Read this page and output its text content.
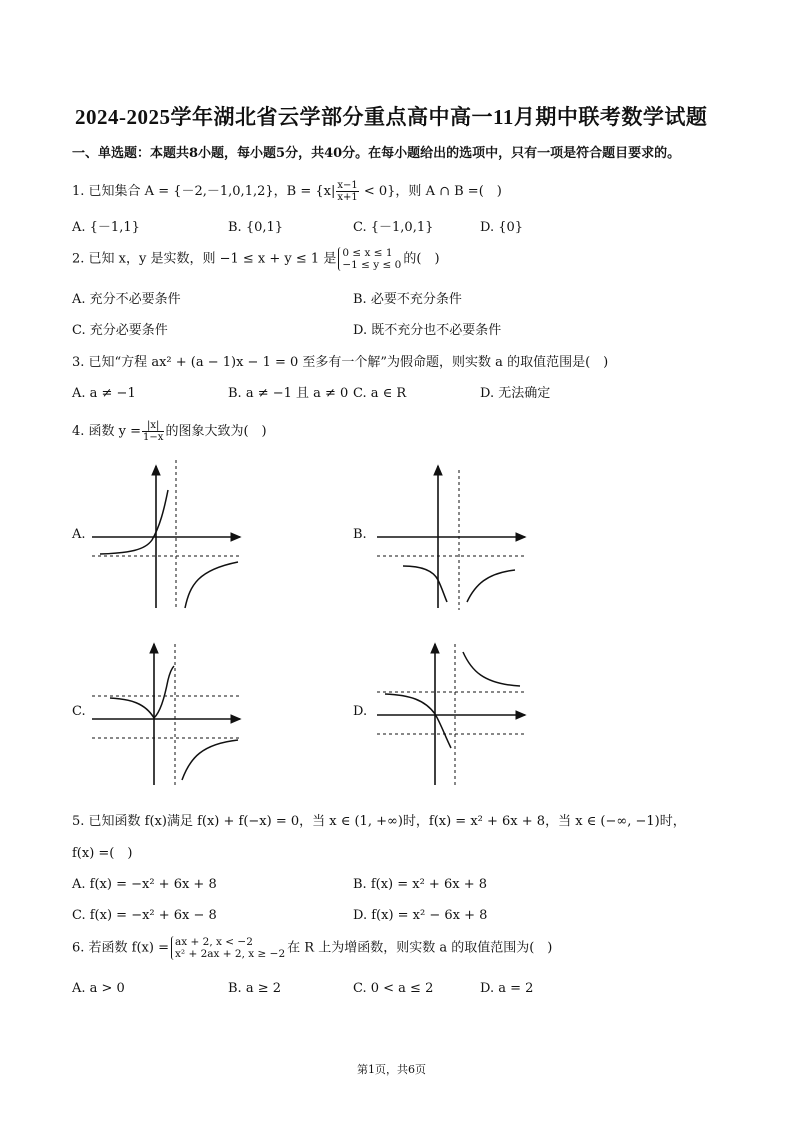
2024-2025学年湖北省云学部分重点高中高一11月期中联考数学试题
一、单选题：本题共8小题，每小题5分，共40分。在每小题给出的选项中，只有一项是符合题目要求的。
1. 已知集合 A = {－2,－1,0,1,2}，$B = \{x| \frac{x-1}{x+1} < 0\}$，则 A ∩ B =(　)
A. {－1,1}	B. {0,1}	C. {－1,0,1}	D. {0}
2. 已知 x，y 是实数，则 −1 ≤ x + y ≤ 1 是 0 ≤ x ≤ 1
−1 ≤ y ≤ 0 的(　)
A. 充分不必要条件	B. 必要不充分条件
C. 充分必要条件	D. 既不充分也不必要条件
3. 已知“方程 ax² + (a − 1)x − 1 = 0 至多有一个解”为假命题，则实数 a 的取值范围是(　)
A. a ≠ −1	B. a ≠ −1 且 a ≠ 0 C. a ∈ R	D. 无法确定
4. 函数 $y = \frac{|x|}{1-x}$ 的图象大致为(　)
A.	B.
C.	D.
5. 已知函数 f(x)满足 f(x) + f(−x) = 0，当 x ∈ (1, +∞)时，f(x) = x² + 6x + 8，当 x ∈ (−∞, −1)时，
f(x) =(　)
A. f(x) = −x² + 6x + 8	B. f(x) = x² + 6x + 8
C. f(x) = −x² + 6x − 8	D. f(x) = x² − 6x + 8
6. 若函数 f(x) = ax + 2, x < −2
x² + 2ax + 2, x ≥ −2 在 R 上为增函数，则实数 a 的取值范围为(　)
A. a > 0	B. a ≥ 2	C. 0 < a ≤ 2	D. a = 2
第1页，共6页
